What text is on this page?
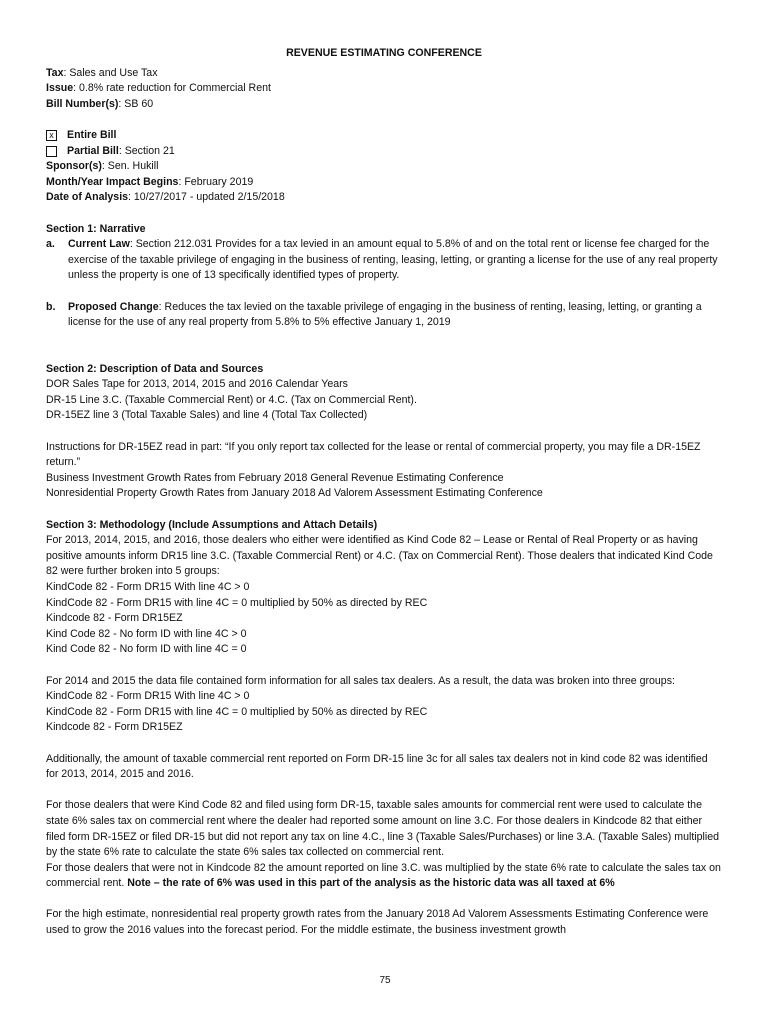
REVENUE ESTIMATING CONFERENCE

Tax: Sales and Use Tax

Issue: 0.8% rate reduction for Commercial Rent

Bill Number(s): SB 60

x	Entire Bill
Partial Bill : Section 21

Sponsor(s): Sen. Hukill

Month/Year Impact Begins: February 2019

Date of Analysis: 10/27/2017 - updated 2/15/2018

Section 1: Narrative

a.	Current Law: Section 212.031 Provides for a tax levied in an amount equal to 5.8% of and on the total rent or license fee charged for the exercise of the taxable privilege of engaging in the business of renting, leasing, letting, or granting a license for the use of any real property unless the property is one of 13 specifically identified types of property.
b.	Proposed Change: Reduces the tax levied on the taxable privilege of engaging in the business of renting, leasing, letting, or granting a license for the use of any real property from 5.8% to 5% effective January 1, 2019

Section 2: Description of Data and Sources

DOR Sales Tape for 2013, 2014, 2015 and 2016 Calendar Years

DR-15 Line 3.C. (Taxable Commercial Rent) or 4.C. (Tax on Commercial Rent).

DR-15EZ line 3 (Total Taxable Sales) and line 4 (Total Tax Collected)

Instructions for DR-15EZ read in part: “If you only report tax collected for the lease or rental of commercial property, you may file a DR-15EZ return.”

Business Investment Growth Rates from February 2018 General Revenue Estimating Conference

Nonresidential Property Growth Rates from January 2018 Ad Valorem Assessment Estimating Conference

Section 3: Methodology (Include Assumptions and Attach Details)

For 2013, 2014, 2015, and 2016, those dealers who either were identified as Kind Code 82 – Lease or Rental of Real Property or as having positive amounts inform DR15 line 3.C. (Taxable Commercial Rent) or 4.C. (Tax on Commercial Rent). Those dealers that indicated Kind Code 82 were further broken into 5 groups:

KindCode 82 - Form DR15 With line 4C > 0

KindCode 82 - Form DR15 with line 4C = 0 multiplied by 50% as directed by REC

Kindcode 82 - Form DR15EZ

Kind Code 82 - No form ID with line 4C > 0

Kind Code 82 - No form ID with line 4C = 0

For 2014 and 2015 the data file contained form information for all sales tax dealers. As a result, the data was broken into three groups:

KindCode 82 - Form DR15 With line 4C > 0

KindCode 82 - Form DR15 with line 4C = 0 multiplied by 50% as directed by REC

Kindcode 82 - Form DR15EZ

Additionally, the amount of taxable commercial rent reported on Form DR-15 line 3c for all sales tax dealers not in kind code 82 was identified for 2013, 2014, 2015 and 2016.

For those dealers that were Kind Code 82 and filed using form DR-15, taxable sales amounts for commercial rent were used to calculate the state 6% sales tax on commercial rent where the dealer had reported some amount on line 3.C. For those dealers in Kindcode 82 that either filed form DR-15EZ or filed DR-15 but did not report any tax on line 4.C., line 3 (Taxable Sales/Purchases) or line 3.A. (Taxable Sales) multiplied by the state 6% rate to calculate the state 6% sales tax collected on commercial rent.

For those dealers that were not in Kindcode 82 the amount reported on line 3.C. was multiplied by the state 6% rate to calculate the sales tax on commercial rent. Note – the rate of 6% was used in this part of the analysis as the historic data was all taxed at 6%

For the high estimate, nonresidential real property growth rates from the January 2018 Ad Valorem Assessments Estimating Conference were used to grow the 2016 values into the forecast period. For the middle estimate, the business investment growth

75
